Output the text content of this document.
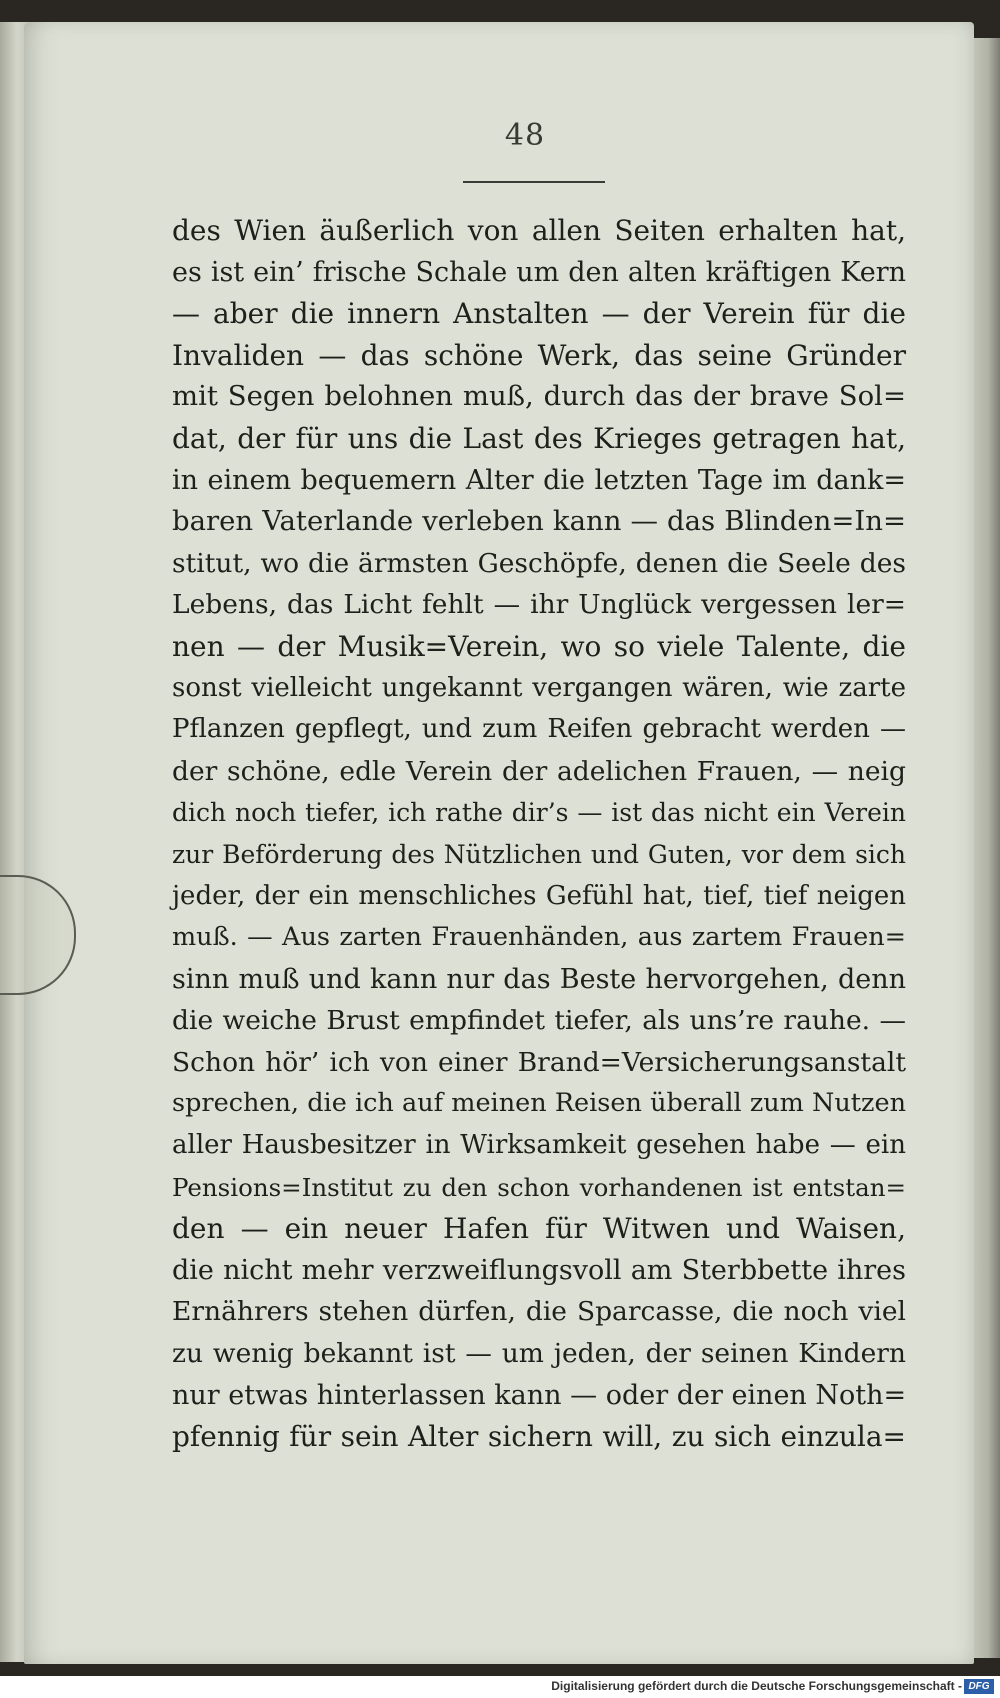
48
des Wien äußerlich von allen Seiten erhalten hat,
es ist ein’ frische Schale um den alten kräftigen Kern
— aber die innern Anstalten — der Verein für die
Invaliden — das schöne Werk, das seine Gründer
mit Segen belohnen muß, durch das der brave Sol=
dat, der für uns die Last des Krieges getragen hat,
in einem bequemern Alter die letzten Tage im dank=
baren Vaterlande verleben kann — das Blinden=In=
stitut, wo die ärmsten Geschöpfe, denen die Seele des
Lebens, das Licht fehlt — ihr Unglück vergessen ler=
nen — der Musik=Verein, wo so viele Talente, die
sonst vielleicht ungekannt vergangen wären, wie zarte
Pflanzen gepflegt, und zum Reifen gebracht werden —
der schöne, edle Verein der adelichen Frauen, — neig
dich noch tiefer, ich rathe dir’s — ist das nicht ein Verein
zur Beförderung des Nützlichen und Guten, vor dem sich
jeder, der ein menschliches Gefühl hat, tief, tief neigen
muß. — Aus zarten Frauenhänden, aus zartem Frauen=
sinn muß und kann nur das Beste hervorgehen, denn
die weiche Brust empfindet tiefer, als uns’re rauhe. —
Schon hör’ ich von einer Brand=Versicherungsanstalt
sprechen, die ich auf meinen Reisen überall zum Nutzen
aller Hausbesitzer in Wirksamkeit gesehen habe — ein
Pensions=Institut zu den schon vorhandenen ist entstan=
den — ein neuer Hafen für Witwen und Waisen,
die nicht mehr verzweiflungsvoll am Sterbbette ihres
Ernährers stehen dürfen, die Sparcasse, die noch viel
zu wenig bekannt ist — um jeden, der seinen Kindern
nur etwas hinterlassen kann — oder der einen Noth=
pfennig für sein Alter sichern will, zu sich einzula=
Digitalisierung gefördert durch die Deutsche Forschungsgemeinschaft - DFG
